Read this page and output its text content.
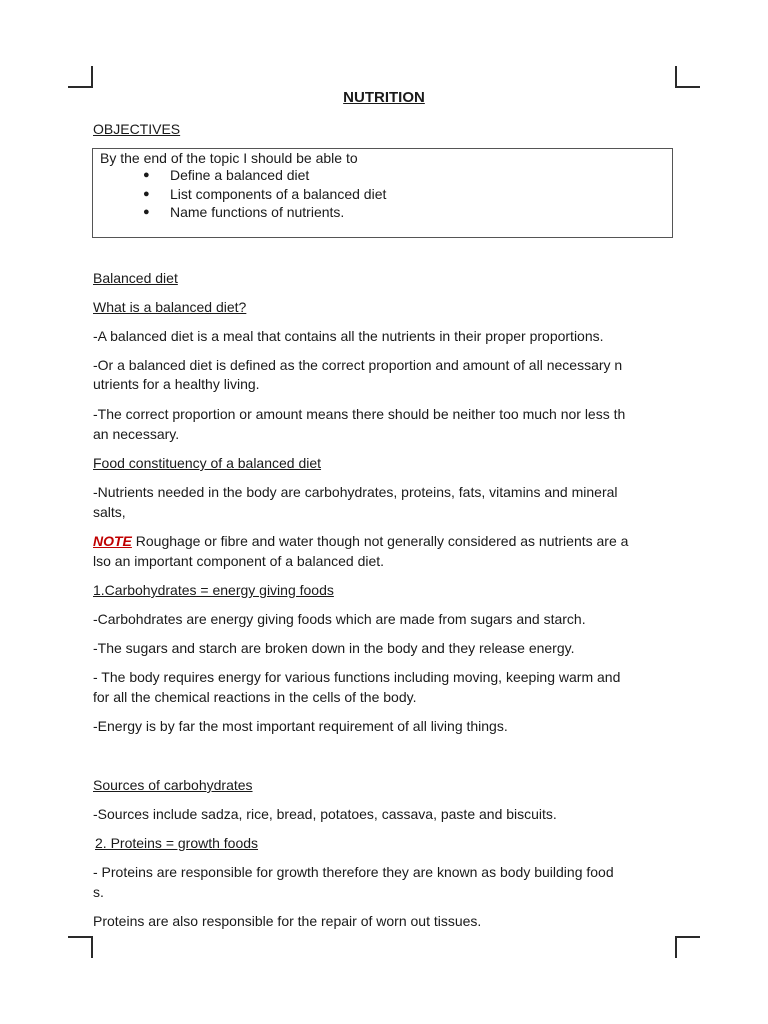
NUTRITION
OBJECTIVES
By the end of the topic I should be able to
● Define a balanced diet
● List components of a balanced diet
● Name functions of nutrients.
Balanced diet
What is a balanced diet?
-A balanced diet is a meal that contains all the nutrients in their proper proportions.
-Or a balanced diet is defined as the correct proportion and amount of all necessary n
utrients for a healthy living.
-The correct proportion or amount means there should be neither too much nor less th
an necessary.
Food constituency of a balanced diet
-Nutrients needed in the body are carbohydrates, proteins, fats, vitamins and mineral
salts,
NOTE Roughage or fibre and water though not generally considered as nutrients are a
lso an important component of a balanced diet.
1.Carbohydrates = energy giving foods
-Carbohdrates are energy giving foods which are made from sugars and starch.
-The sugars and starch are broken down in the body and they release energy.
- The body requires energy for various functions including moving, keeping warm and
for all the chemical reactions in the cells of the body.
-Energy is by far the most important requirement of all living things.
Sources of carbohydrates
-Sources include sadza, rice, bread, potatoes, cassava, paste and biscuits.
2. Proteins = growth foods
- Proteins are responsible for growth therefore they are known as body building food
s.
Proteins are also responsible for the repair of worn out tissues.
